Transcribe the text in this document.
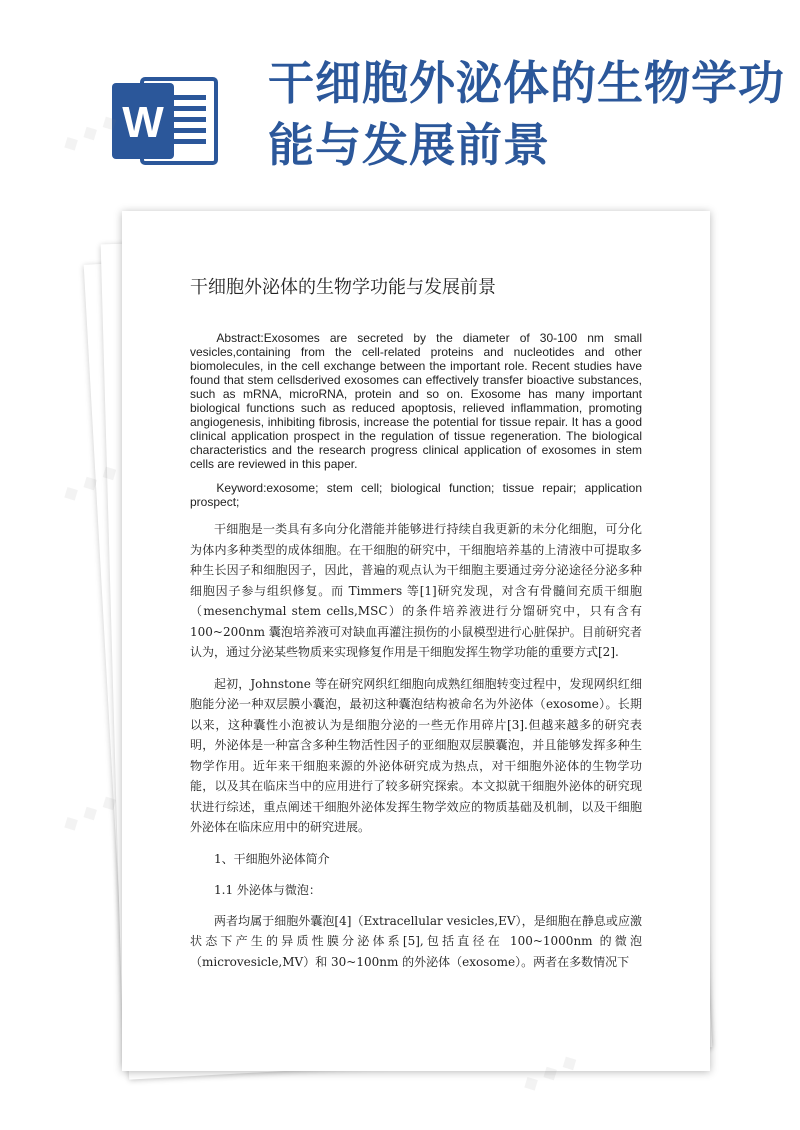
W
干细胞外泌体的生物学功能与发展前景
干细胞外泌体的生物学功能与发展前景

Abstract:Exosomes are secreted by the diameter of 30-100 nm small vesicles,containing from the cell-related proteins and nucleotides and other biomolecules, in the cell exchange between the important role. Recent studies have found that stem cellsderived exosomes can effectively transfer bioactive substances, such as mRNA, microRNA, protein and so on. Exosome has many important biological functions such as reduced apoptosis, relieved inflammation, promoting angiogenesis, inhibiting fibrosis, increase the potential for tissue repair. It has a good clinical application prospect in the regulation of tissue regeneration. The biological characteristics and the research progress clinical application of exosomes in stem cells are reviewed in this paper.

Keyword:exosome; stem cell; biological function; tissue repair; application prospect;

干细胞是一类具有多向分化潜能并能够进行持续自我更新的未分化细胞，可分化为体内多种类型的成体细胞。在干细胞的研究中，干细胞培养基的上清液中可提取多种生长因子和细胞因子，因此，普遍的观点认为干细胞主要通过旁分泌途径分泌多种细胞因子参与组织修复。而 Timmers 等[1]研究发现，对含有骨髓间充质干细胞（mesenchymal stem cells,MSC）的条件培养液进行分馏研究中，只有含有 100~200nm 囊泡培养液可对缺血再灌注损伤的小鼠模型进行心脏保护。目前研究者认为，通过分泌某些物质来实现修复作用是干细胞发挥生物学功能的重要方式[2].

起初，Johnstone 等在研究网织红细胞向成熟红细胞转变过程中，发现网织红细胞能分泌一种双层膜小囊泡，最初这种囊泡结构被命名为外泌体（exosome）。长期以来，这种囊性小泡被认为是细胞分泌的一些无作用碎片[3].但越来越多的研究表明，外泌体是一种富含多种生物活性因子的亚细胞双层膜囊泡，并且能够发挥多种生物学作用。近年来干细胞来源的外泌体研究成为热点，对干细胞外泌体的生物学功能，以及其在临床当中的应用进行了较多研究探索。本文拟就干细胞外泌体的研究现状进行综述，重点阐述干细胞外泌体发挥生物学效应的物质基础及机制，以及干细胞外泌体在临床应用中的研究进展。

1、干细胞外泌体简介
1.1 外泌体与微泡：

两者均属于细胞外囊泡[4]（Extracellular vesicles,EV），是细胞在静息或应激状态下产生的异质性膜分泌体系[5],包括直径在 100~1000nm 的微泡（microvesicle,MV）和 30~100nm 的外泌体（exosome）。两者在多数情况下

◆ ◆ ◆
◆ ◆ ◆
◆ ◆ ◆
◆ ◆ ◆
